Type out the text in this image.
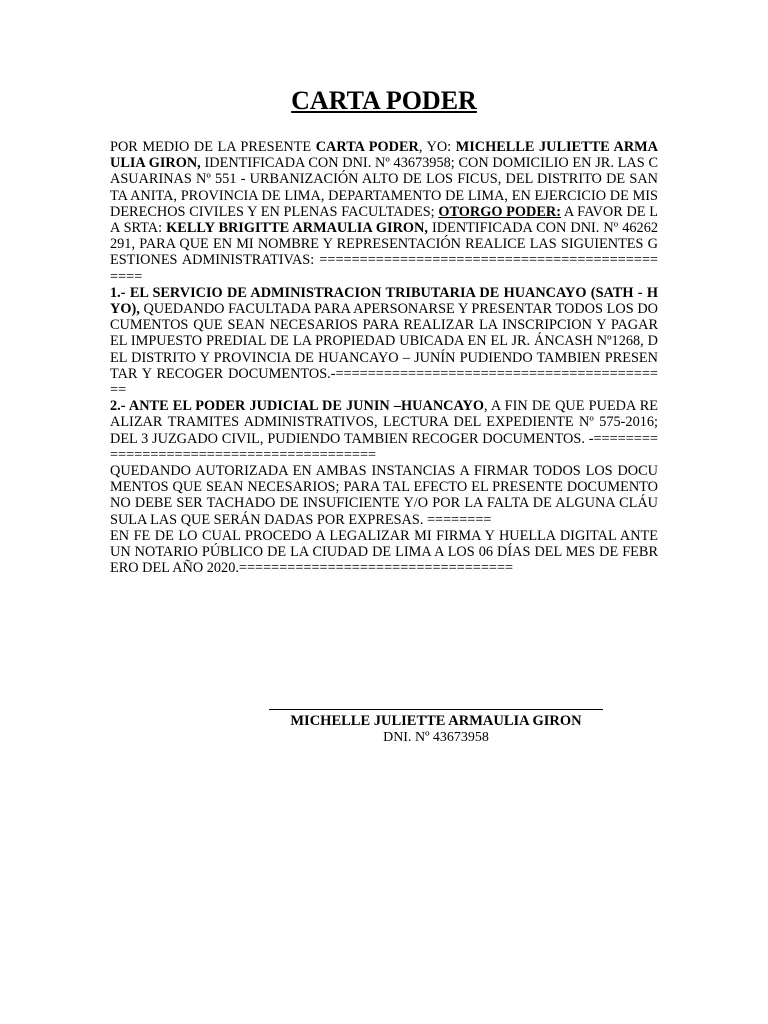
CARTA PODER
POR MEDIO DE LA PRESENTE CARTA PODER, YO: MICHELLE JULIETTE ARMAULIA GIRON, IDENTIFICADA CON DNI. Nº 43673958; CON DOMICILIO EN JR. LAS CASUARINAS Nº 551 - URBANIZACIÓN ALTO DE LOS FICUS, DEL DISTRITO DE SANTA ANITA, PROVINCIA DE LIMA, DEPARTAMENTO DE LIMA, EN EJERCICIO DE MIS DERECHOS CIVILES Y EN PLENAS FACULTADES; OTORGO PODER: A FAVOR DE LA SRTA: KELLY BRIGITTE ARMAULIA GIRON, IDENTIFICADA CON DNI. Nº 46262291, PARA QUE EN MI NOMBRE Y REPRESENTACIÓN REALICE LAS SIGUIENTES GESTIONES ADMINISTRATIVAS: ==============================================
1.- EL SERVICIO DE ADMINISTRACION TRIBUTARIA DE HUANCAYO (SATH - HYO), QUEDANDO FACULTADA PARA APERSONARSE Y PRESENTAR TODOS LOS DOCUMENTOS QUE SEAN NECESARIOS PARA REALIZAR LA INSCRIPCION Y PAGAR EL IMPUESTO PREDIAL DE LA PROPIEDAD UBICADA EN EL JR. ÁNCASH Nº1268, DEL DISTRITO Y PROVINCIA DE HUANCAYO – JUNÍN PUDIENDO TAMBIEN PRESENTAR Y RECOGER DOCUMENTOS.-==========================================
2.- ANTE EL PODER JUDICIAL DE JUNIN –HUANCAYO, A FIN DE QUE PUEDA REALIZAR TRAMITES ADMINISTRATIVOS, LECTURA DEL EXPEDIENTE Nº 575-2016; DEL 3 JUZGADO CIVIL, PUDIENDO TAMBIEN RECOGER DOCUMENTOS. -=========================================
QUEDANDO AUTORIZADA EN AMBAS INSTANCIAS A FIRMAR TODOS LOS DOCUMENTOS QUE SEAN NECESARIOS; PARA TAL EFECTO EL PRESENTE DOCUMENTO NO DEBE SER TACHADO DE INSUFICIENTE Y/O POR LA FALTA DE ALGUNA CLÁUSULA LAS QUE SERÁN DADAS POR EXPRESAS. ========
EN FE DE LO CUAL PROCEDO A LEGALIZAR MI FIRMA Y HUELLA DIGITAL ANTE UN NOTARIO PÚBLICO DE LA CIUDAD DE LIMA A LOS 06 DÍAS DEL MES DE FEBRERO DEL AÑO 2020.==================================

MICHELLE JULIETTE ARMAULIA GIRON

DNI. Nº 43673958
